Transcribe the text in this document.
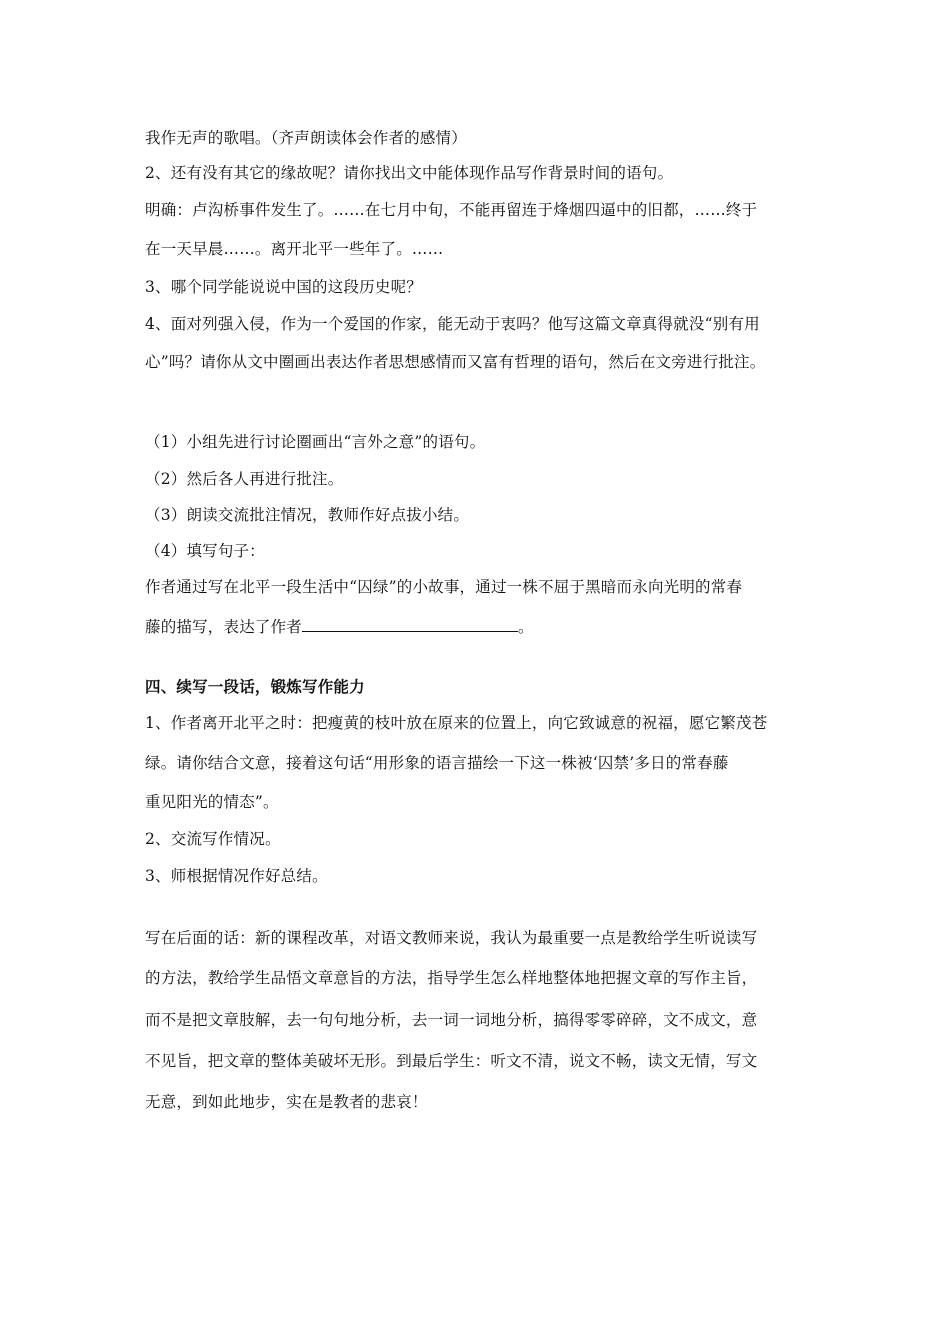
我作无声的歌唱。（齐声朗读体会作者的感情）
2、还有没有其它的缘故呢？请你找出文中能体现作品写作背景时间的语句。
明确：卢沟桥事件发生了。……在七月中旬，不能再留连于烽烟四逼中的旧都，……终于
在一天早晨……。离开北平一些年了。……
3、哪个同学能说说中国的这段历史呢？
4、面对列强入侵，作为一个爱国的作家，能无动于衷吗？他写这篇文章真得就没“别有用
心”吗？请你从文中圈画出表达作者思想感情而又富有哲理的语句，然后在文旁进行批注。
（1）小组先进行讨论圈画出“言外之意”的语句。
（2）然后各人再进行批注。
（3）朗读交流批注情况，教师作好点拔小结。
（4）填写句子：
作者通过写在北平一段生活中“囚绿”的小故事，通过一株不屈于黑暗而永向光明的常春
藤的描写，表达了作者	。
四、续写一段话，锻炼写作能力
1、作者离开北平之时：把瘦黄的枝叶放在原来的位置上，向它致诚意的祝福，愿它繁茂苍
绿。请你结合文意，接着这句话“用形象的语言描绘一下这一株被‘囚禁’多日的常春藤
重见阳光的情态”。
2、交流写作情况。
3、师根据情况作好总结。
写在后面的话：新的课程改革，对语文教师来说，我认为最重要一点是教给学生听说读写
的方法，教给学生品悟文章意旨的方法，指导学生怎么样地整体地把握文章的写作主旨，
而不是把文章肢解，去一句句地分析，去一词一词地分析，搞得零零碎碎，文不成文，意
不见旨，把文章的整体美破坏无形。到最后学生：听文不清，说文不畅，读文无情，写文
无意，到如此地步，实在是教者的悲哀！
